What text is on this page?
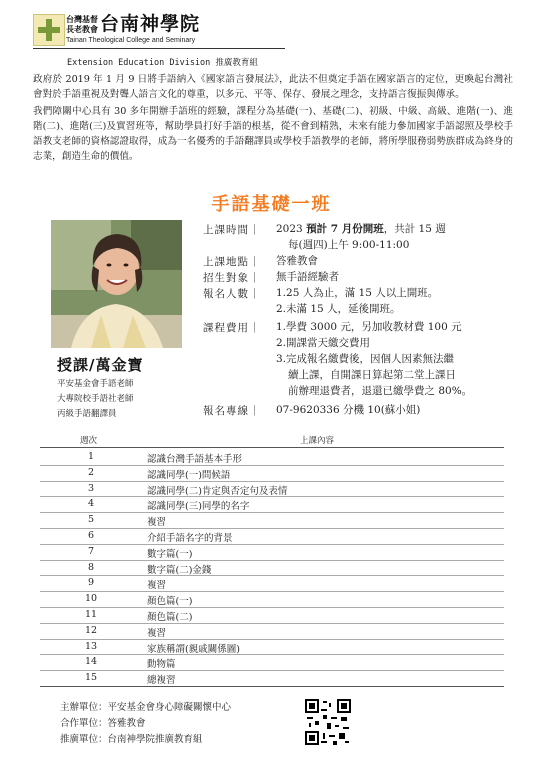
台灣基督
長老教會 台南神學院
Tainan Theological College and Seminary
Extension Education Division 推廣教育組

政府於 2019 年 1 月 9 日將手語納入《國家語言發展法》，此法不但奠定手語在國家語言的定位，更喚起台灣社會對於手語重視及對聾人語言文化的尊重，以多元、平等、保存、發展之理念，支持語言復振與傳承。

我們障關中心具有 30 多年開辦手語班的經驗，課程分為基礎(一)、基礎(二)、初級、中級、高級、進階(一)、進階(二)、進階(三)及實習班等，幫助學員打好手語的根基，從不會到精熟，未來有能力參加國家手語認照及學校手語教支老師的資格認證取得，成為一名優秀的手語翻譯員或學校手語教學的老師，將所學服務弱勢族群成為終身的志業，創造生命的價值。

手語基礎一班
授課/萬金寶
平安基金會手語老師
大專院校手語社老師
丙級手語翻譯員
上課時間｜	2023 預計 7 月份開班，共計 15 週
每(週四)上午 9:00-11:00
上課地點｜	答雅教會
招生對象｜	無手語經驗者
報名人數｜	1.25 人為止，滿 15 人以上開班。
2.未滿 15 人，延後開班。
課程費用｜	1.學費 3000 元，另加收教材費 100 元
2.開課當天繳交費用
3.完成報名繳費後，因個人因素無法繼
續上課，自開課日算起第二堂上課日
前辦理退費者，退還已繳學費之 80%。
報名專線｜	07-9620336 分機 10(蘇小姐)
週次	上課內容
1	認識台灣手語基本手形
2	認識同學(一)問候語
3	認識同學(二)肯定與否定句及表情
4	認識同學(三)同學的名字
5	複習
6	介紹手語名字的背景
7	數字篇(一)
8	數字篇(二)金錢
9	複習
10	顏色篇(一)
11	顏色篇(二)
12	複習
13	家族稱謂(親戚關係圖)
14	動物篇
15	總複習
主辦單位：平安基金會身心障礙關懷中心
合作單位：答雅教會
推廣單位：台南神學院推廣教育組
